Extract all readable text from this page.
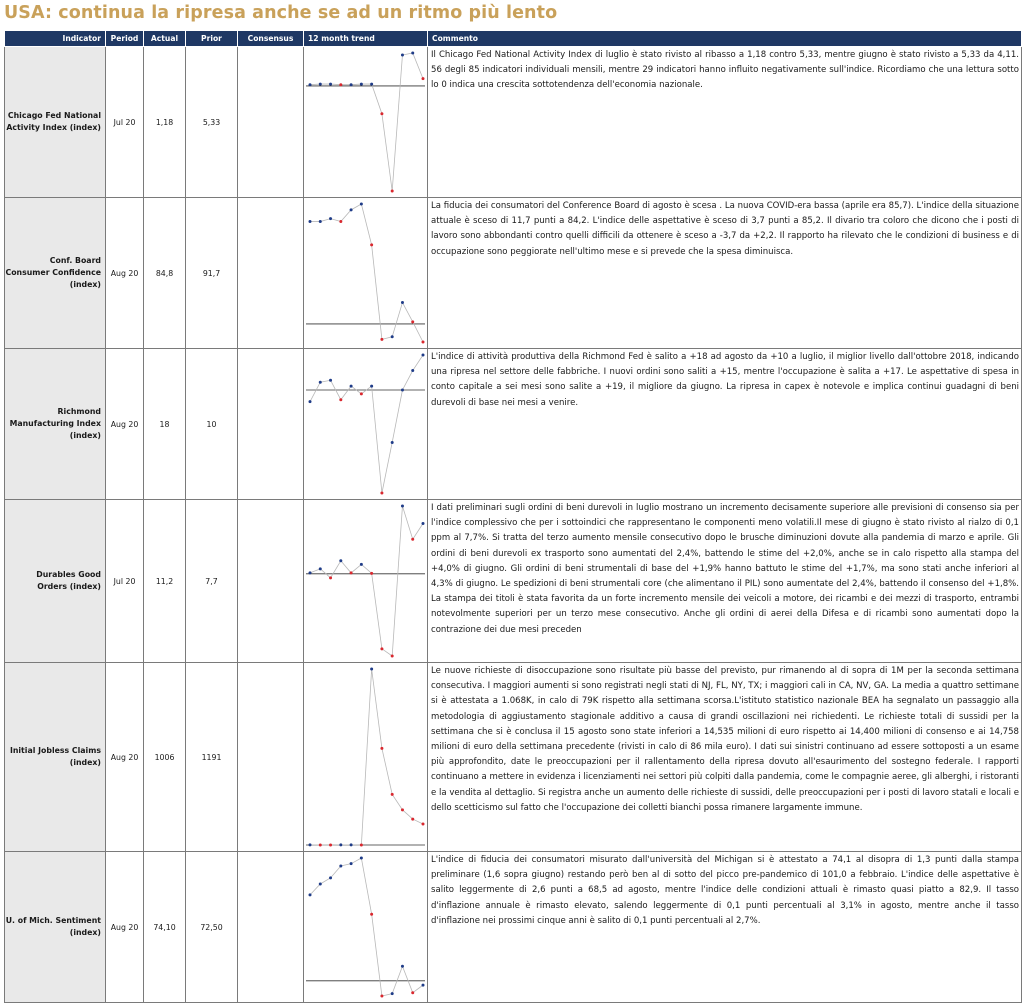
USA: continua la ripresa anche se ad un ritmo più lento
Indicator	Period	Actual	Prior	Consensus	12 month trend	Commento
Chicago Fed National Activity Index (index)	Jul 20	1,18	5,33			Il Chicago Fed National Activity Index di luglio è stato rivisto al ribasso a 1,18 contro 5,33, mentre giugno è stato rivisto a 5,33 da 4,11. 56 degli 85 indicatori individuali mensili, mentre 29 indicatori hanno influito negativamente sull'indice. Ricordiamo che una lettura sotto lo 0 indica una crescita sottotendenza dell'economia nazionale.
Conf. Board Consumer Confidence (index)	Aug 20	84,8	91,7			La fiducia dei consumatori del Conference Board di agosto è scesa . La nuova COVID-era bassa (aprile era 85,7). L'indice della situazione attuale è sceso di 11,7 punti a 84,2. L'indice delle aspettative è sceso di 3,7 punti a 85,2. Il divario tra coloro che dicono che i posti di lavoro sono abbondanti contro quelli difficili da ottenere è sceso a -3,7 da +2,2. Il rapporto ha rilevato che le condizioni di business e di occupazione sono peggiorate nell'ultimo mese e si prevede che la spesa diminuisca.
Richmond Manufacturing Index (index)	Aug 20	18	10			L'indice di attività produttiva della Richmond Fed è salito a +18 ad agosto da +10 a luglio, il miglior livello dall'ottobre 2018, indicando una ripresa nel settore delle fabbriche. I nuovi ordini sono saliti a +15, mentre l'occupazione è salita a +17. Le aspettative di spesa in conto capitale a sei mesi sono salite a +19, il migliore da giugno. La ripresa in capex è notevole e implica continui guadagni di beni durevoli di base nei mesi a venire.
Durables Good Orders (index)	Jul 20	11,2	7,7			I dati preliminari sugli ordini di beni durevoli in luglio mostrano un incremento decisamente superiore alle previsioni di consenso sia per l'indice complessivo che per i sottoindici che rappresentano le componenti meno volatili.Il mese di giugno è stato rivisto al rialzo di 0,1 ppm al 7,7%. Si tratta del terzo aumento mensile consecutivo dopo le brusche diminuzioni dovute alla pandemia di marzo e aprile. Gli ordini di beni durevoli ex trasporto sono aumentati del 2,4%, battendo le stime del +2,0%, anche se in calo rispetto alla stampa del +4,0% di giugno. Gli ordini di beni strumentali di base del +1,9% hanno battuto le stime del +1,7%, ma sono stati anche inferiori al 4,3% di giugno. Le spedizioni di beni strumentali core (che alimentano il PIL) sono aumentate del 2,4%, battendo il consenso del +1,8%. La stampa dei titoli è stata favorita da un forte incremento mensile dei veicoli a motore, dei ricambi e dei mezzi di trasporto, entrambi notevolmente superiori per un terzo mese consecutivo. Anche gli ordini di aerei della Difesa e di ricambi sono aumentati dopo la contrazione dei due mesi preceden
Initial Jobless Claims (index)	Aug 20	1006	1191			Le nuove richieste di disoccupazione sono risultate più basse del previsto, pur rimanendo al di sopra di 1M per la seconda settimana consecutiva. I maggiori aumenti si sono registrati negli stati di NJ, FL, NY, TX; i maggiori cali in CA, NV, GA. La media a quattro settimane si è attestata a 1.068K, in calo di 79K rispetto alla settimana scorsa.L'istituto statistico nazionale BEA ha segnalato un passaggio alla metodologia di aggiustamento stagionale additivo a causa di grandi oscillazioni nei richiedenti. Le richieste totali di sussidi per la settimana che si è conclusa il 15 agosto sono state inferiori a 14,535 milioni di euro rispetto ai 14,400 milioni di consenso e ai 14,758 milioni di euro della settimana precedente (rivisti in calo di 86 mila euro). I dati sui sinistri continuano ad essere sottoposti a un esame più approfondito, date le preoccupazioni per il rallentamento della ripresa dovuto all'esaurimento del sostegno federale. I rapporti continuano a mettere in evidenza i licenziamenti nei settori più colpiti dalla pandemia, come le compagnie aeree, gli alberghi, i ristoranti e la vendita al dettaglio. Si registra anche un aumento delle richieste di sussidi, delle preoccupazioni per i posti di lavoro statali e locali e dello scetticismo sul fatto che l'occupazione dei colletti bianchi possa rimanere largamente immune.
U. of Mich. Sentiment (index)	Aug 20	74,10	72,50			L'indice di fiducia dei consumatori misurato dall'università del Michigan si è attestato a 74,1 al disopra di 1,3 punti dalla stampa preliminare (1,6 sopra giugno) restando però ben al di sotto del picco pre-pandemico di 101,0 a febbraio. L'indice delle aspettative è salito leggermente di 2,6 punti a 68,5 ad agosto, mentre l'indice delle condizioni attuali è rimasto quasi piatto a 82,9. Il tasso d'inflazione annuale è rimasto elevato, salendo leggermente di 0,1 punti percentuali al 3,1% in agosto, mentre anche il tasso d'inflazione nei prossimi cinque anni è salito di 0,1 punti percentuali al 2,7%.
